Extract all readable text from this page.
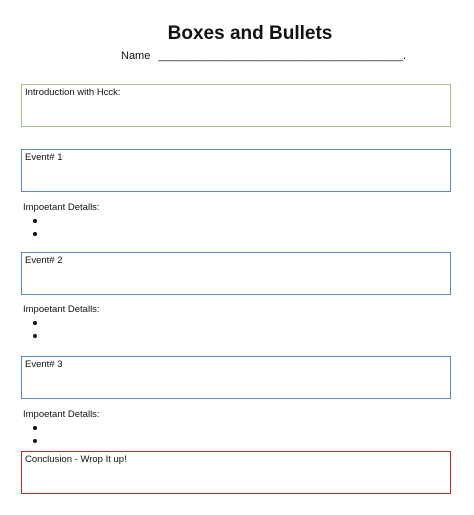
Boxes and Bullets
Name ________________________________________.
Introduction with Hcck:
Event# 1
Impoetant Detalls:
Event# 2
Impoetant Detalls:
Event# 3
Impoetant Detalls:
Conclusion - Wrop It up!
